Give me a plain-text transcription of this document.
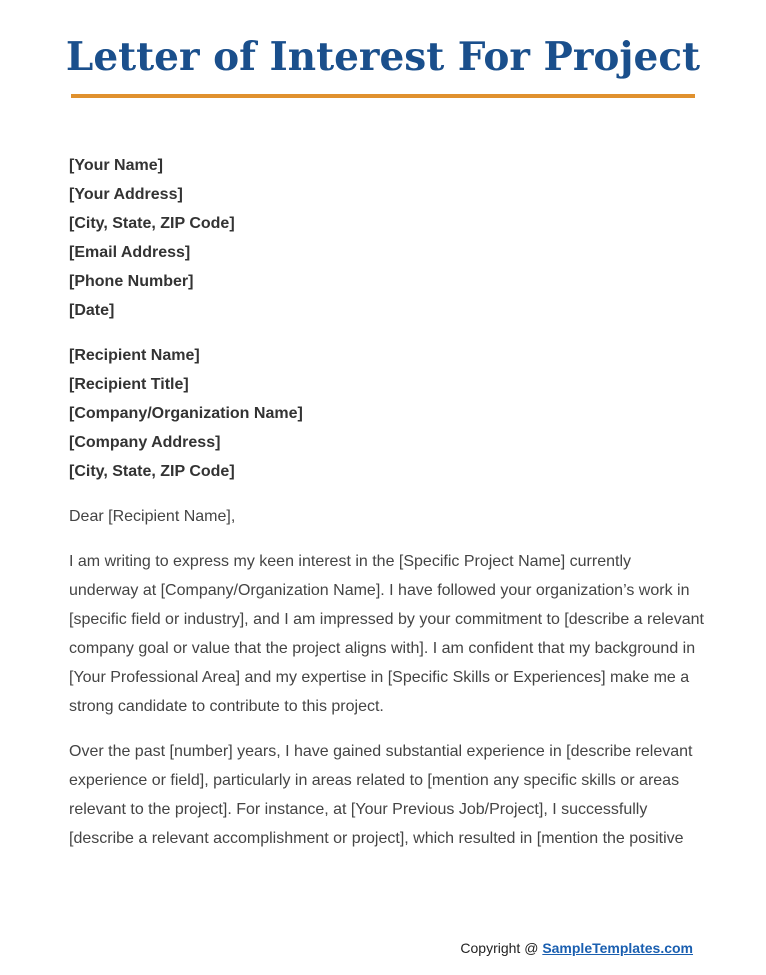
Letter of Interest For Project
[Your Name]
[Your Address]
[City, State, ZIP Code]
[Email Address]
[Phone Number]
[Date]
[Recipient Name]
[Recipient Title]
[Company/Organization Name]
[Company Address]
[City, State, ZIP Code]

Dear [Recipient Name],

I am writing to express my keen interest in the [Specific Project Name] currently underway at [Company/Organization Name]. I have followed your organization’s work in [specific field or industry], and I am impressed by your commitment to [describe a relevant company goal or value that the project aligns with]. I am confident that my background in [Your Professional Area] and my expertise in [Specific Skills or Experiences] make me a strong candidate to contribute to this project.

Over the past [number] years, I have gained substantial experience in [describe relevant experience or field], particularly in areas related to [mention any specific skills or areas relevant to the project]. For instance, at [Your Previous Job/Project], I successfully [describe a relevant accomplishment or project], which resulted in [mention the positive

Copyright @ SampleTemplates.com
